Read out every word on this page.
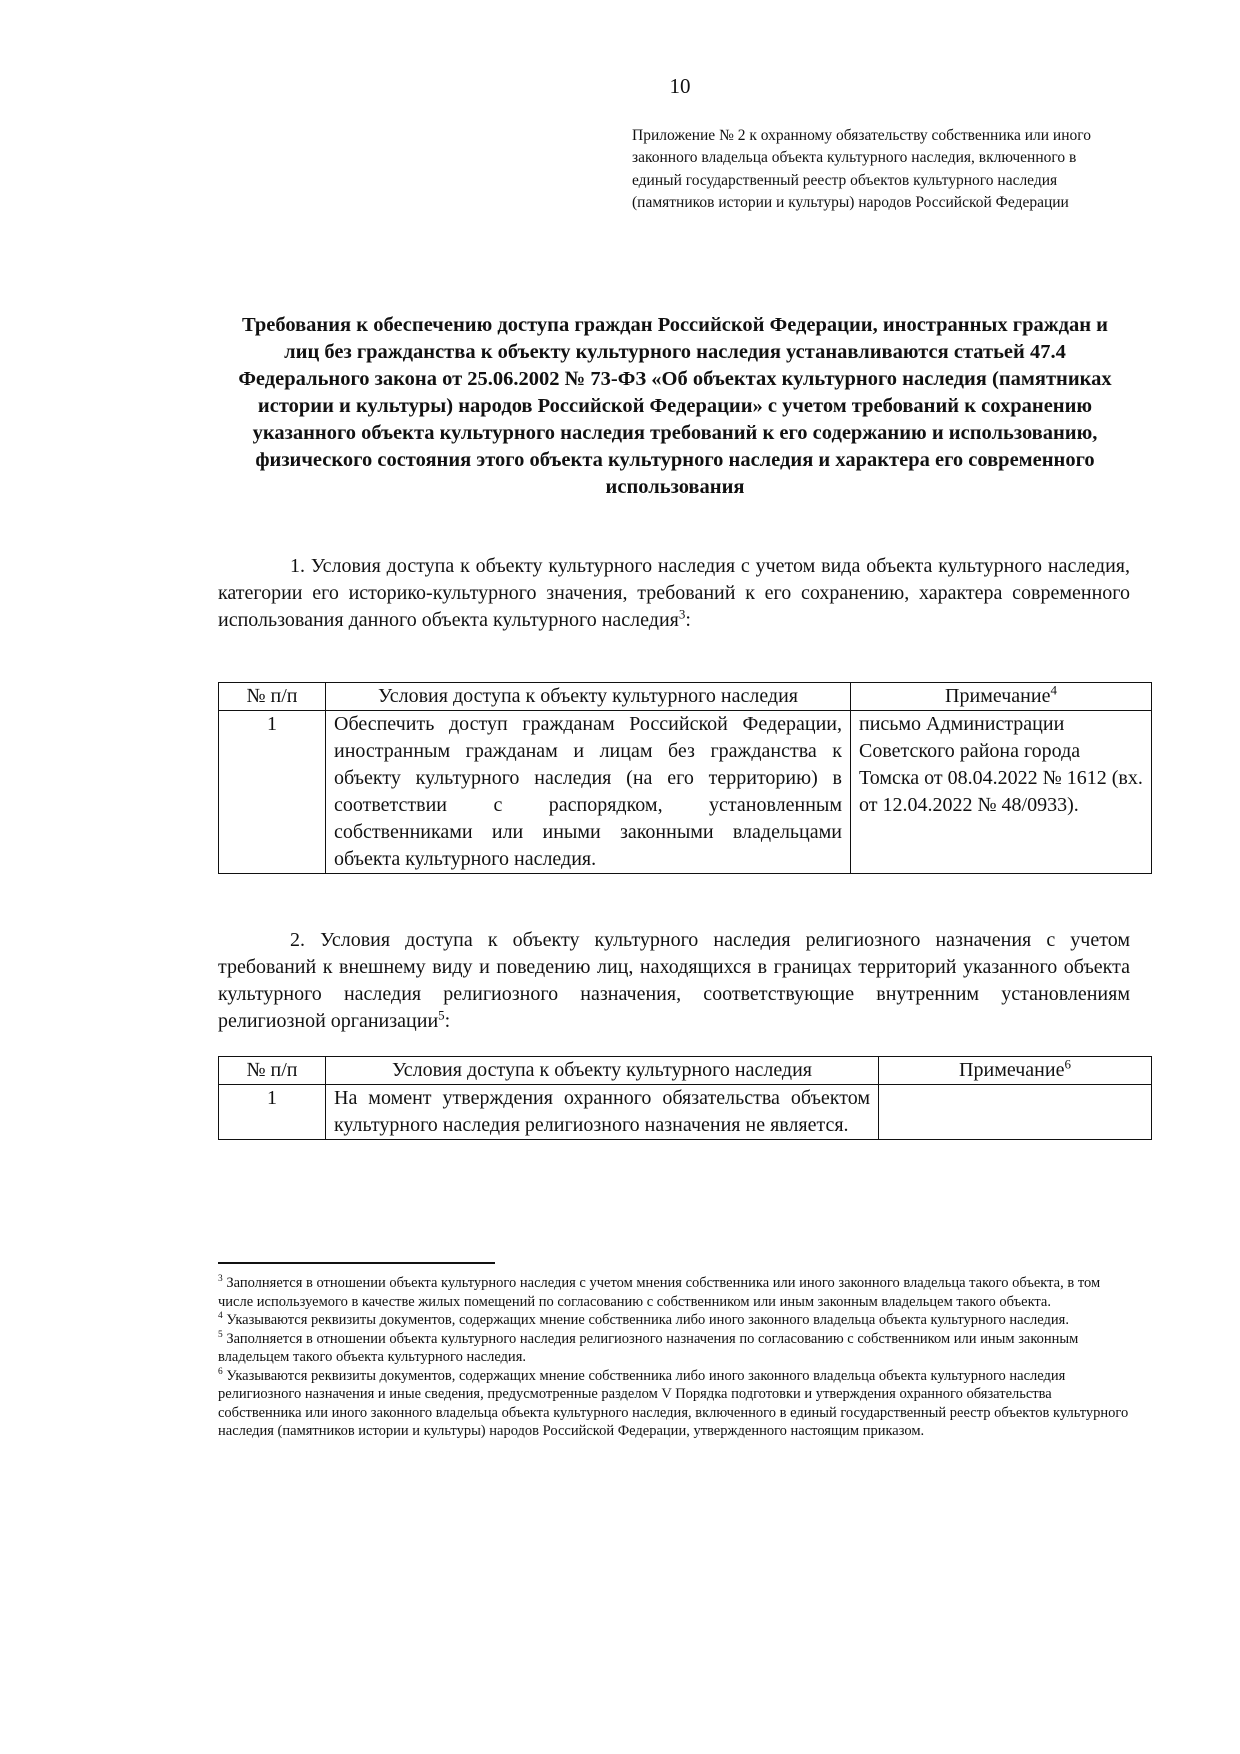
10
Приложение № 2 к охранному обязательству собственника или иного законного владельца объекта культурного наследия, включенного в единый государственный реестр объектов культурного наследия (памятников истории и культуры) народов Российской Федерации
Требования к обеспечению доступа граждан Российской Федерации, иностранных граждан и лиц без гражданства к объекту культурного наследия устанавливаются статьей 47.4 Федерального закона от 25.06.2002 № 73-ФЗ «Об объектах культурного наследия (памятниках истории и культуры) народов Российской Федерации» с учетом требований к сохранению указанного объекта культурного наследия требований к его содержанию и использованию, физического состояния этого объекта культурного наследия и характера его современного использования
1. Условия доступа к объекту культурного наследия с учетом вида объекта культурного наследия, категории его историко-культурного значения, требований к его сохранению, характера современного использования данного объекта культурного наследия$^3$:
№ п/п	Условия доступа к объекту культурного наследия	Примечание$^4$
1	Обеспечить доступ гражданам Российской Федерации, иностранным гражданам и лицам без гражданства к объекту культурного наследия (на его территорию) в соответствии с распорядком, установленным собственниками или иными законными владельцами объекта культурного наследия.	письмо Администрации Советского района города Томска от 08.04.2022 № 1612 (вх. от 12.04.2022 № 48/0933).
2. Условия доступа к объекту культурного наследия религиозного назначения с учетом требований к внешнему виду и поведению лиц, находящихся в границах территорий указанного объекта культурного наследия религиозного назначения, соответствующие внутренним установлениям религиозной организации$^5$:
№ п/п	Условия доступа к объекту культурного наследия	Примечание$^6$
1	На момент утверждения охранного обязательства объектом культурного наследия религиозного назначения не является.	

$^3$ Заполняется в отношении объекта культурного наследия с учетом мнения собственника или иного законного владельца такого объекта, в том числе используемого в качестве жилых помещений по согласованию с собственником или иным законным владельцем такого объекта.

$^4$ Указываются реквизиты документов, содержащих мнение собственника либо иного законного владельца объекта культурного наследия.

$^5$ Заполняется в отношении объекта культурного наследия религиозного назначения по согласованию с собственником или иным законным владельцем такого объекта культурного наследия.

$^6$ Указываются реквизиты документов, содержащих мнение собственника либо иного законного владельца объекта культурного наследия религиозного назначения и иные сведения, предусмотренные разделом V Порядка подготовки и утверждения охранного обязательства собственника или иного законного владельца объекта культурного наследия, включенного в единый государственный реестр объектов культурного наследия (памятников истории и культуры) народов Российской Федерации, утвержденного настоящим приказом.
